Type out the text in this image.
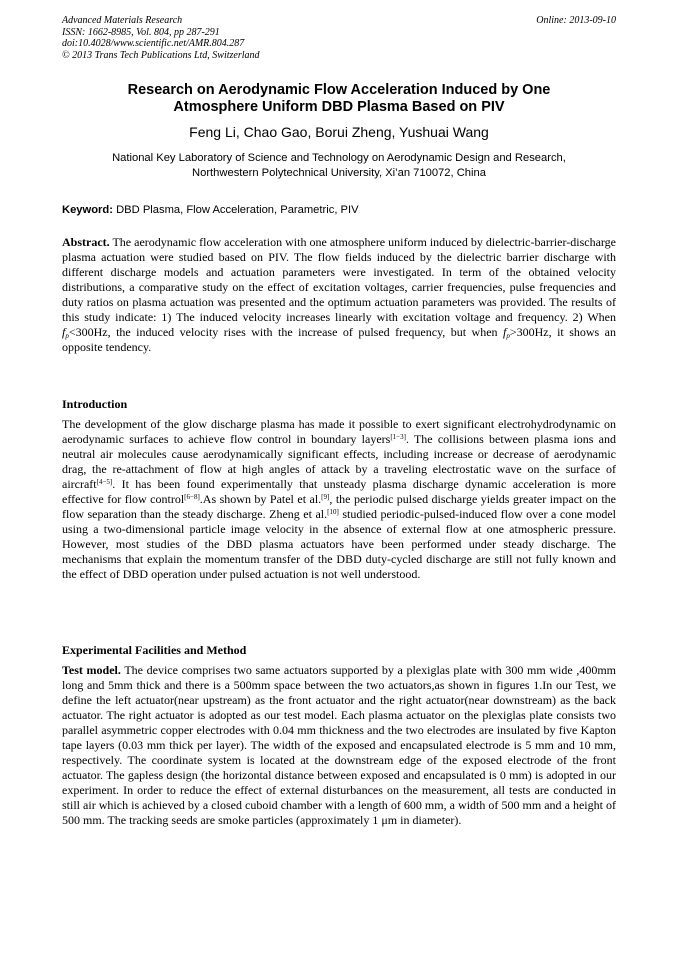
Advanced Materials Research
ISSN: 1662-8985, Vol. 804, pp 287-291
doi:10.4028/www.scientific.net/AMR.804.287
© 2013 Trans Tech Publications Ltd, Switzerland
Online: 2013-09-10
Research on Aerodynamic Flow Acceleration Induced by One
Atmosphere Uniform DBD Plasma Based on PIV
Feng Li, Chao Gao, Borui Zheng, Yushuai Wang
National Key Laboratory of Science and Technology on Aerodynamic Design and Research,
Northwestern Polytechnical University, Xi’an 710072, China
Keyword: DBD Plasma, Flow Acceleration, Parametric, PIV
Abstract. The aerodynamic flow acceleration with one atmosphere uniform induced by dielectric-barrier-discharge plasma actuation were studied based on PIV. The flow fields induced by the dielectric barrier discharge with different discharge models and actuation parameters were investigated. In term of the obtained velocity distributions, a comparative study on the effect of excitation voltages, carrier frequencies, pulse frequencies and duty ratios on plasma actuation was presented and the optimum actuation parameters was provided. The results of this study indicate: 1) The induced velocity increases linearly with excitation voltage and frequency. 2) When $f_p<300Hz$, the induced velocity rises with the increase of pulsed frequency, but when $f_p>300Hz$, it shows an opposite tendency.
Introduction
The development of the glow discharge plasma has made it possible to exert significant electrohydrodynamic on aerodynamic surfaces to achieve flow control in boundary layers[1−3]. The collisions between plasma ions and neutral air molecules cause aerodynamically significant effects, including increase or decrease of aerodynamic drag, the re-attachment of flow at high angles of attack by a traveling electrostatic wave on the surface of aircraft[4−5]. It has been found experimentally that unsteady plasma discharge dynamic acceleration is more effective for flow control[6−8].As shown by Patel et al.[9], the periodic pulsed discharge yields greater impact on the flow separation than the steady discharge. Zheng et al.[10] studied periodic-pulsed-induced flow over a cone model using a two-dimensional particle image velocity in the absence of external flow at one atmospheric pressure. However, most studies of the DBD plasma actuators have been performed under steady discharge. The mechanisms that explain the momentum transfer of the DBD duty-cycled discharge are still not fully known and the effect of DBD operation under pulsed actuation is not well understood.
Experimental Facilities and Method
Test model. The device comprises two same actuators supported by a plexiglas plate with 300 mm wide ,400mm long and 5mm thick and there is a 500mm space between the two actuators,as shown in figures 1.In our Test, we define the left actuator(near upstream) as the front actuator and the right actuator(near downstream) as the back actuator. The right actuator is adopted as our test model. Each plasma actuator on the plexiglas plate consists two parallel asymmetric copper electrodes with 0.04 mm thickness and the two electrodes are insulated by five Kapton tape layers (0.03 mm thick per layer). The width of the exposed and encapsulated electrode is 5 mm and 10 mm, respectively. The coordinate system is located at the downstream edge of the exposed electrode of the front actuator. The gapless design (the horizontal distance between exposed and encapsulated is 0 mm) is adopted in our experiment. In order to reduce the effect of external disturbances on the measurement, all tests are conducted in still air which is achieved by a closed cuboid chamber with a length of 600 mm, a width of 500 mm and a height of 500 mm. The tracking seeds are smoke particles (approximately 1 μm in diameter).
